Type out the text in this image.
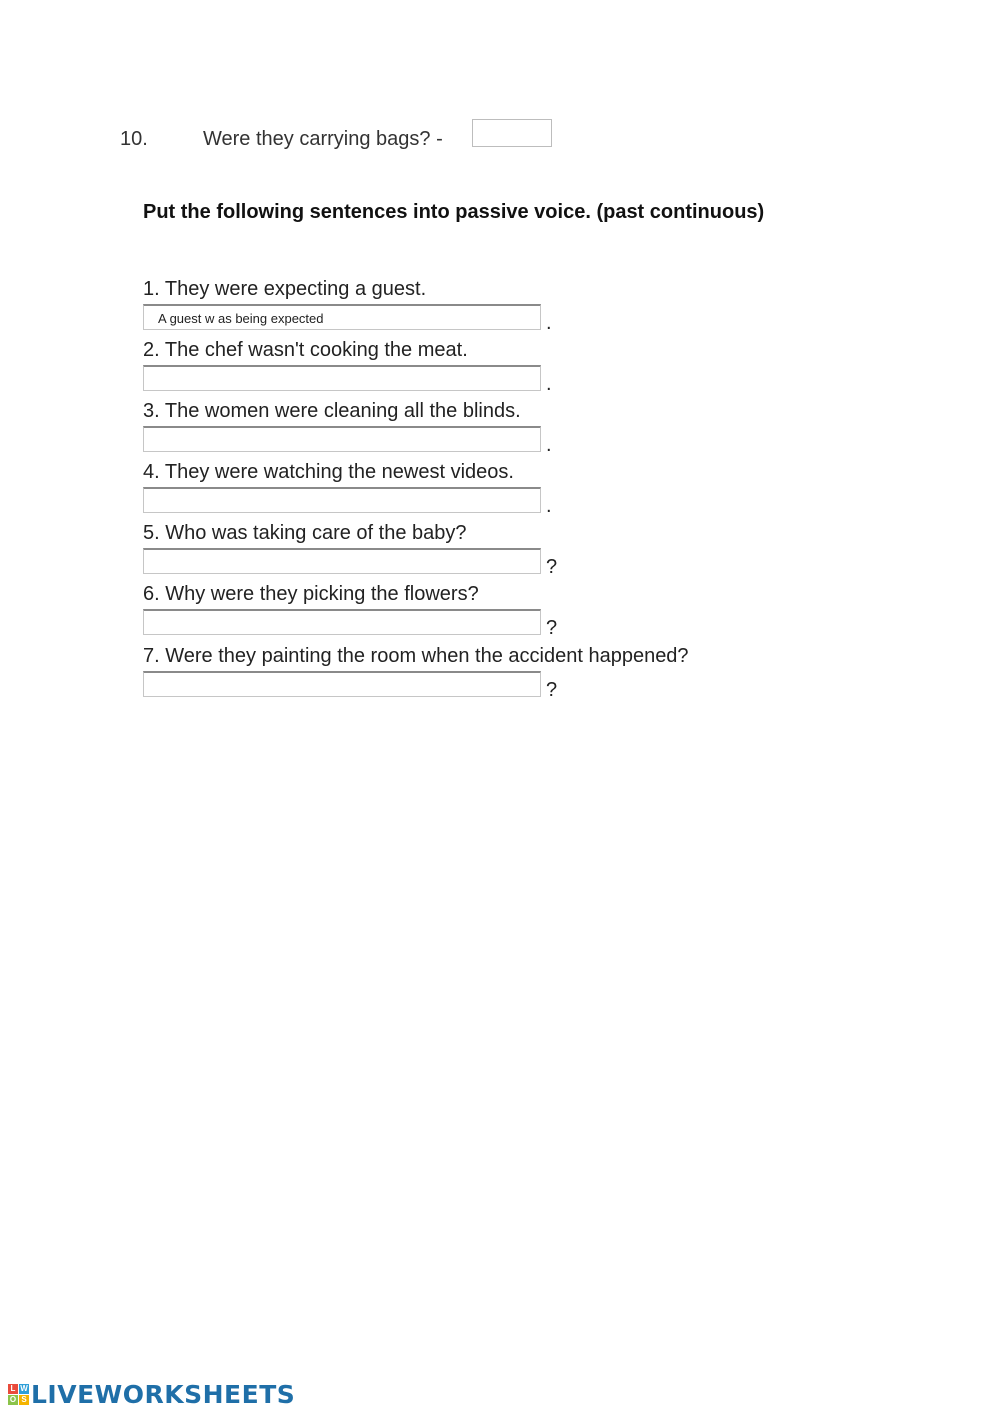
10.	Were they carrying bags? -
Put the following sentences into passive voice. (past continuous)
1. They were expecting a guest.
A guest w as being expected	.
2. The chef wasn't cooking the meat.
.
3. The women were cleaning all the blinds.
.
4. They were watching the newest videos.
.
5. Who was taking care of the baby?
?
6. Why were they picking the flowers?
?
7. Were they painting the room when the accident happened?
?
L W
O S LIVEWORKSHEETS
